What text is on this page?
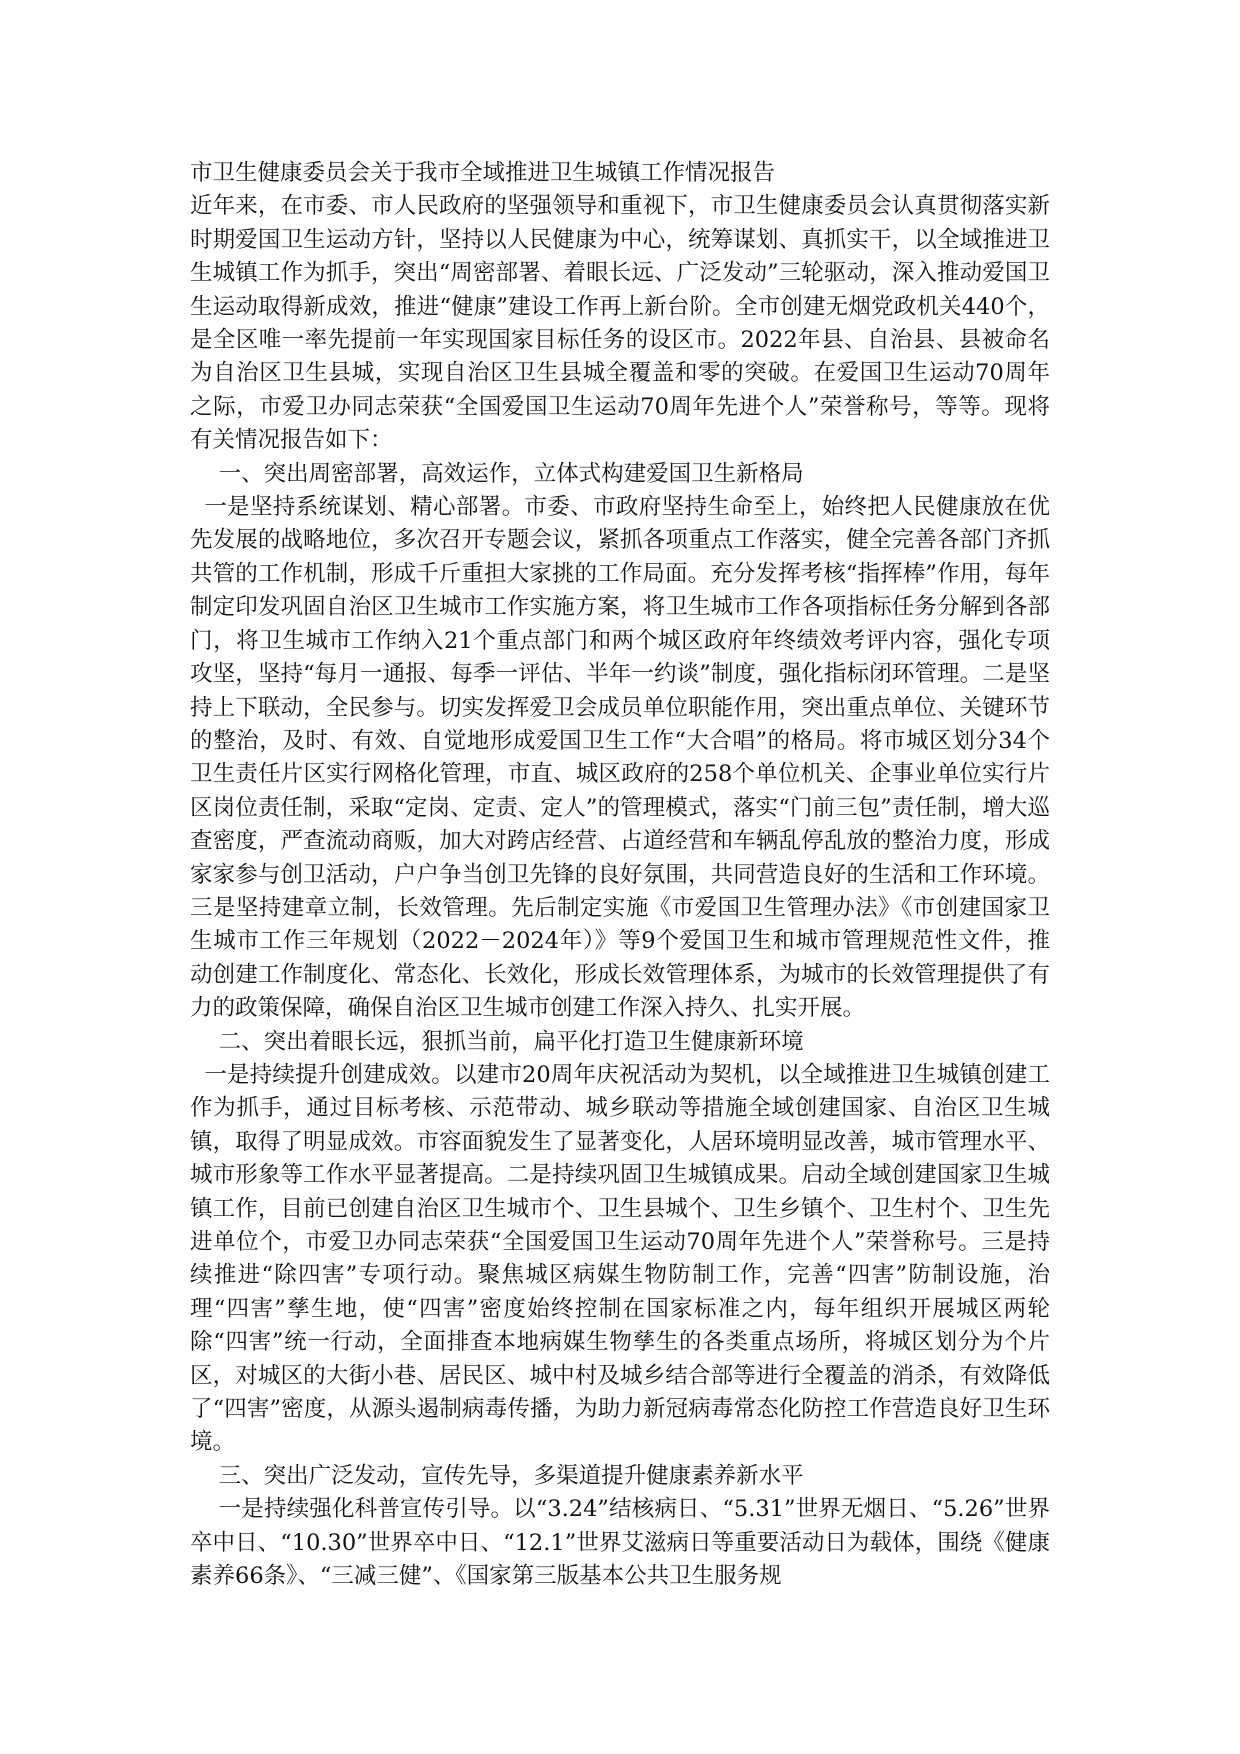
市卫生健康委员会关于我市全域推进卫生城镇工作情况报告

近年来，在市委、市人民政府的坚强领导和重视下，市卫生健康委员会认真贯彻落实新时期爱国卫生运动方针，坚持以人民健康为中心，统筹谋划、真抓实干，以全域推进卫生城镇工作为抓手，突出“周密部署、着眼长远、广泛发动”三轮驱动，深入推动爱国卫生运动取得新成效，推进“健康”建设工作再上新台阶。全市创建无烟党政机关440个，是全区唯一率先提前一年实现国家目标任务的设区市。2022年县、自治县、县被命名为自治区卫生县城，实现自治区卫生县城全覆盖和零的突破。在爱国卫生运动70周年之际，市爱卫办同志荣获“全国爱国卫生运动70周年先进个人”荣誉称号，等等。现将有关情况报告如下：

一、突出周密部署，高效运作，立体式构建爱国卫生新格局

一是坚持系统谋划、精心部署。市委、市政府坚持生命至上，始终把人民健康放在优先发展的战略地位，多次召开专题会议，紧抓各项重点工作落实，健全完善各部门齐抓共管的工作机制，形成千斤重担大家挑的工作局面。充分发挥考核“指挥棒”作用，每年制定印发巩固自治区卫生城市工作实施方案，将卫生城市工作各项指标任务分解到各部门，将卫生城市工作纳入21个重点部门和两个城区政府年终绩效考评内容，强化专项攻坚，坚持“每月一通报、每季一评估、半年一约谈”制度，强化指标闭环管理。二是坚持上下联动，全民参与。切实发挥爱卫会成员单位职能作用，突出重点单位、关键环节的整治，及时、有效、自觉地形成爱国卫生工作“大合唱”的格局。将市城区划分34个卫生责任片区实行网格化管理，市直、城区政府的258个单位机关、企事业单位实行片区岗位责任制，采取“定岗、定责、定人”的管理模式，落实“门前三包”责任制，增大巡查密度，严查流动商贩，加大对跨店经营、占道经营和车辆乱停乱放的整治力度，形成家家参与创卫活动，户户争当创卫先锋的良好氛围，共同营造良好的生活和工作环境。三是坚持建章立制，长效管理。先后制定实施《市爱国卫生管理办法》《市创建国家卫生城市工作三年规划（2022－2024年）》等9个爱国卫生和城市管理规范性文件，推动创建工作制度化、常态化、长效化，形成长效管理体系，为城市的长效管理提供了有力的政策保障，确保自治区卫生城市创建工作深入持久、扎实开展。

二、突出着眼长远，狠抓当前，扁平化打造卫生健康新环境

一是持续提升创建成效。以建市20周年庆祝活动为契机，以全域推进卫生城镇创建工作为抓手，通过目标考核、示范带动、城乡联动等措施全域创建国家、自治区卫生城镇，取得了明显成效。市容面貌发生了显著变化，人居环境明显改善，城市管理水平、城市形象等工作水平显著提高。二是持续巩固卫生城镇成果。启动全域创建国家卫生城镇工作，目前已创建自治区卫生城市个、卫生县城个、卫生乡镇个、卫生村个、卫生先进单位个，市爱卫办同志荣获“全国爱国卫生运动70周年先进个人”荣誉称号。三是持续推进“除四害”专项行动。聚焦城区病媒生物防制工作，完善“四害”防制设施，治理“四害”孳生地，使“四害”密度始终控制在国家标准之内，每年组织开展城区两轮除“四害”统一行动，全面排查本地病媒生物孳生的各类重点场所，将城区划分为个片区，对城区的大街小巷、居民区、城中村及城乡结合部等进行全覆盖的消杀，有效降低了“四害”密度，从源头遏制病毒传播，为助力新冠病毒常态化防控工作营造良好卫生环境。

三、突出广泛发动，宣传先导，多渠道提升健康素养新水平

一是持续强化科普宣传引导。以“3.24”结核病日、“5.31”世界无烟日、“5.26”世界卒中日、“10.30”世界卒中日、“12.1”世界艾滋病日等重要活动日为载体，围绕《健康素养66条》、“三减三健”、《国家第三版基本公共卫生服务规
